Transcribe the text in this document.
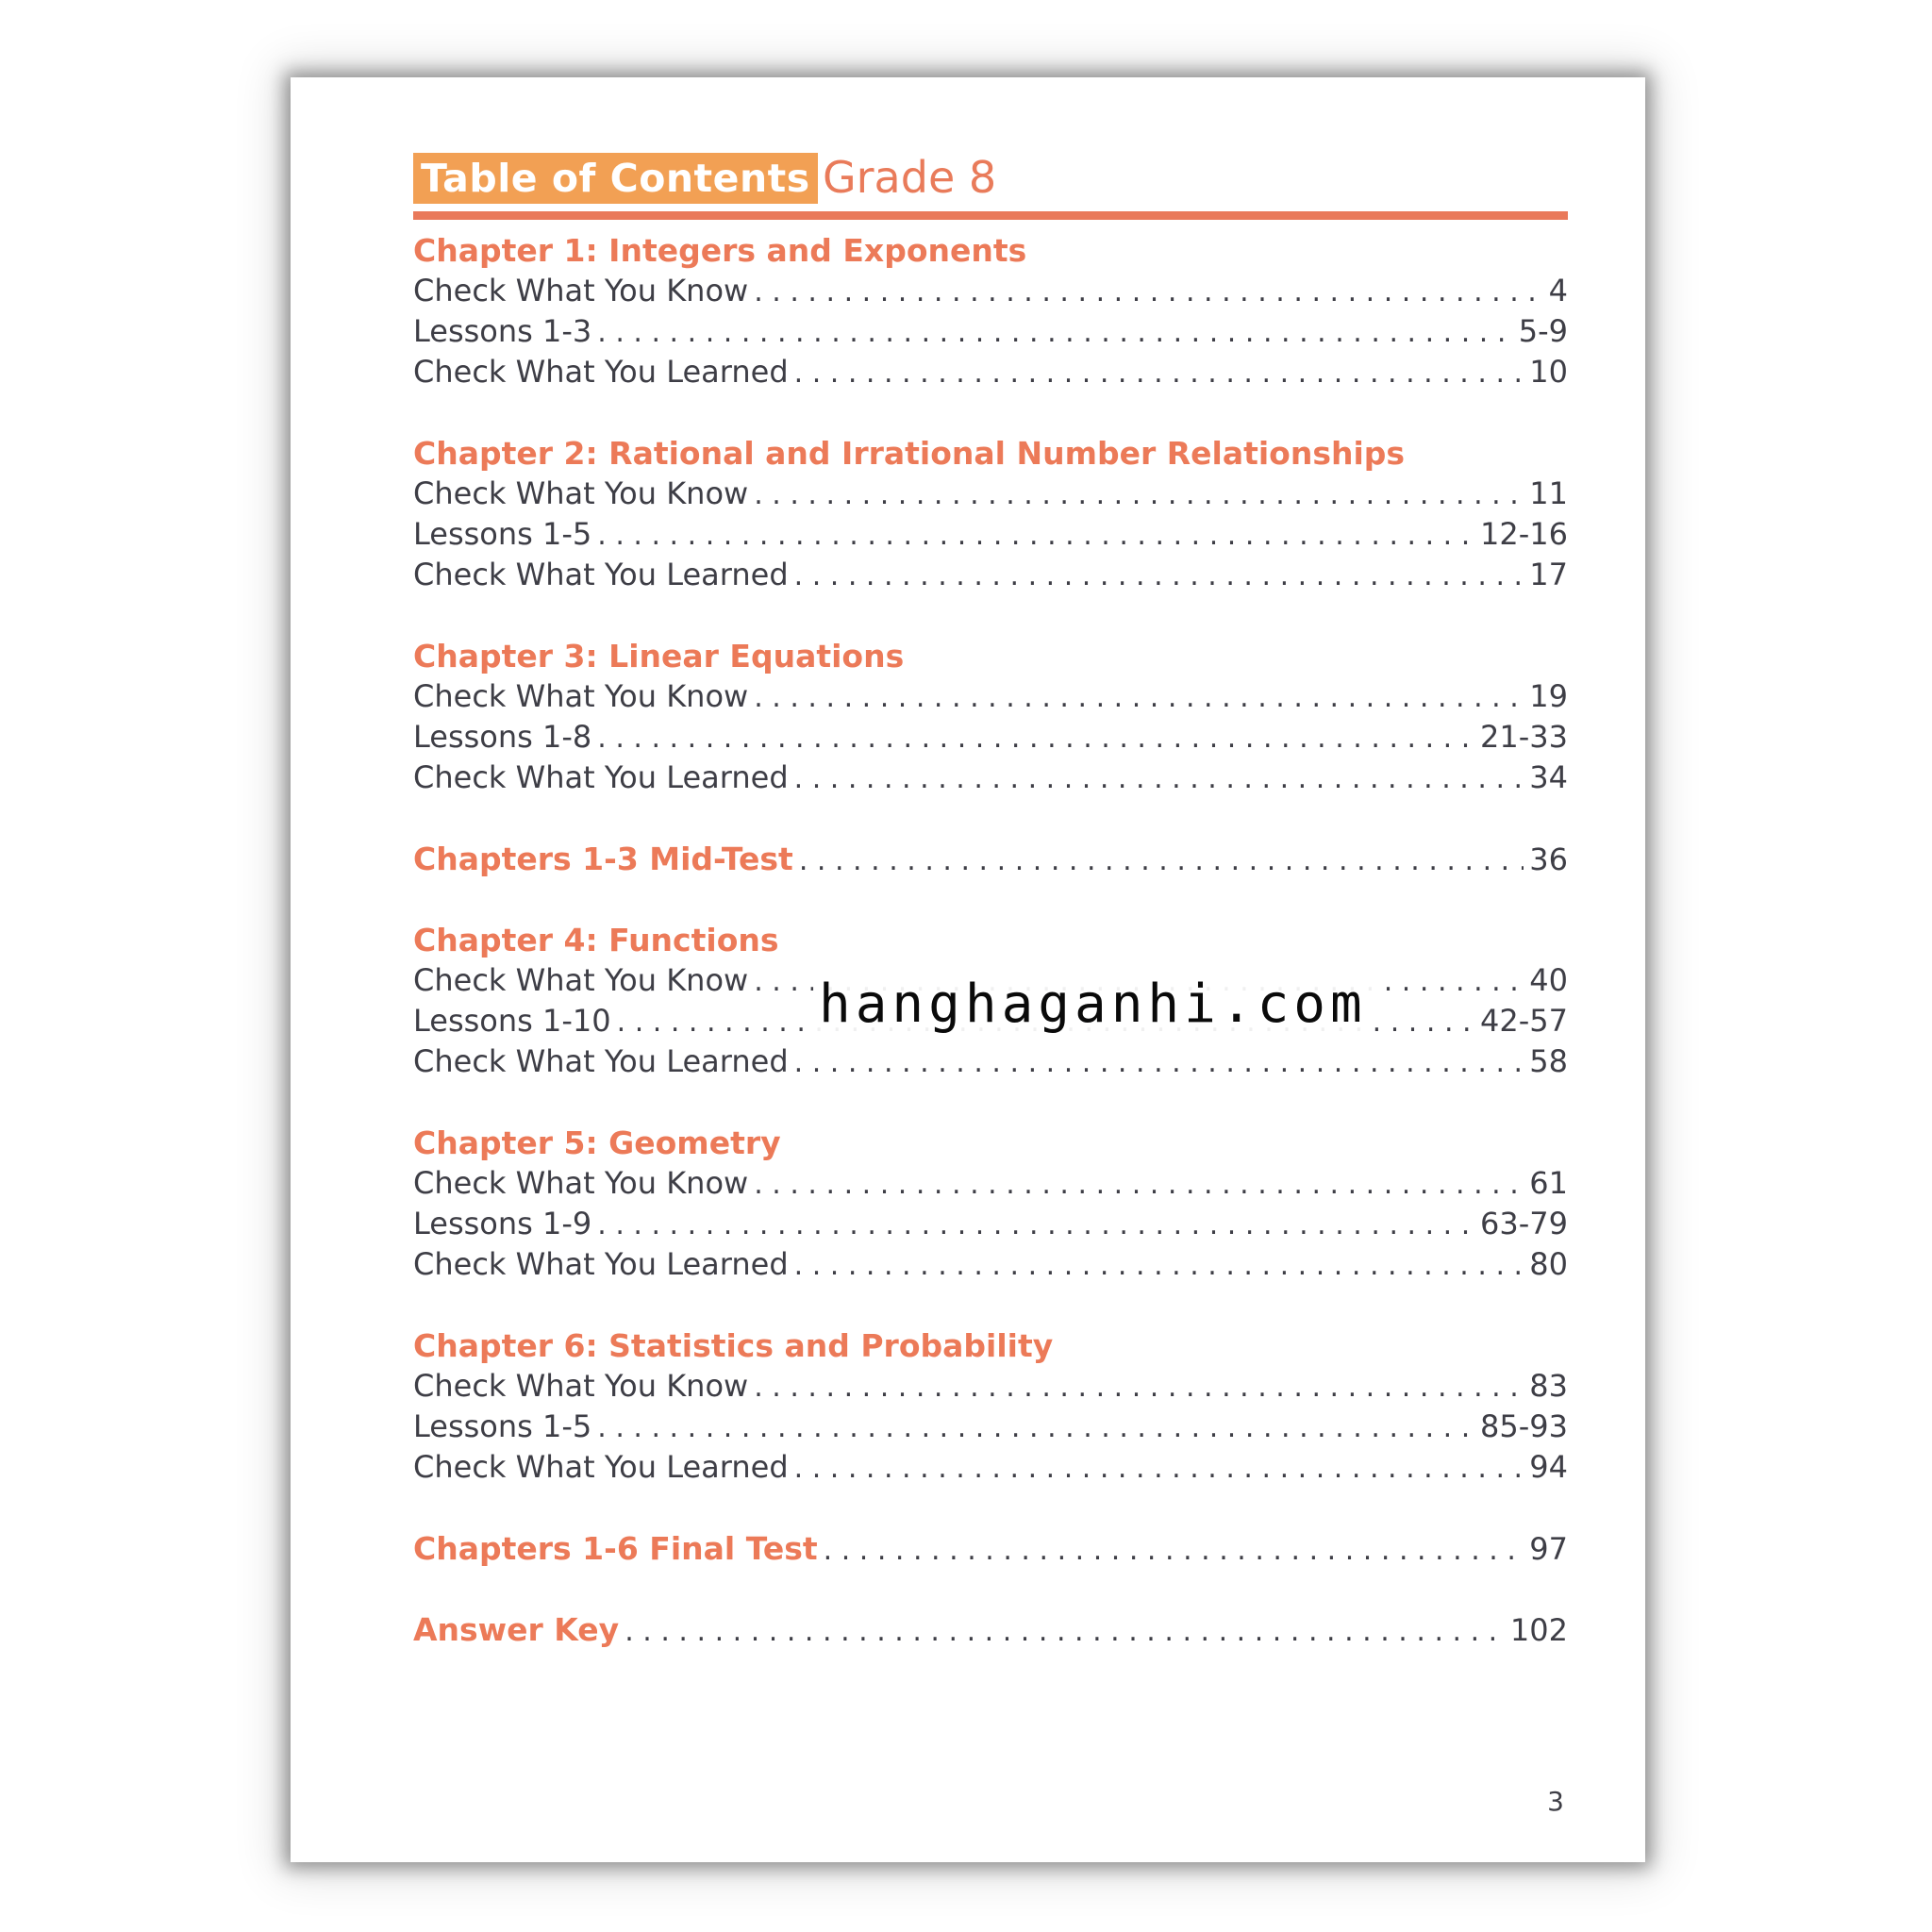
Table of Contents Grade 8
Chapter 1: Integers and Exponents
Check What You Know . . .	4
Lessons 1-3 . . .	5-9
Check What You Learned . . .	10
Chapter 2: Rational and Irrational Number Relationships
Check What You Know . . .	11
Lessons 1-5 . . .	12-16
Check What You Learned . . .	17
Chapter 3: Linear Equations
Check What You Know . . .	19
Lessons 1-8 . . .	21-33
Check What You Learned . . .	34
Chapters 1-3 Mid-Test . . .	36
Chapter 4: Functions
Check What You Know . . .	40
Lessons 1-10 . . .	42-57
Check What You Learned . . .	58
Chapter 5: Geometry
Check What You Know . . .	61
Lessons 1-9 . . .	63-79
Check What You Learned . . .	80
Chapter 6: Statistics and Probability
Check What You Know . . .	83
Lessons 1-5 . . .	85-93
Check What You Learned . . .	94
Chapters 1-6 Final Test . . .	97
Answer Key . . .	102
3
hanghaganhi.com
